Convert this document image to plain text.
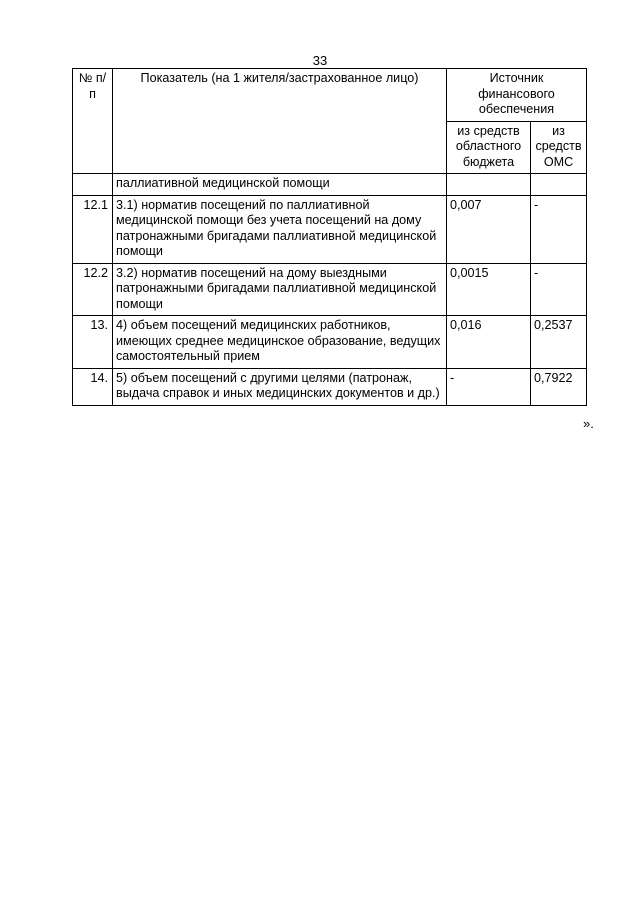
33
№ п/п	Показатель (на 1 жителя/застрахованное лицо)	Источник финансового обеспечения	
		из средств областного бюджета	из средств ОМС
	паллиативной медицинской помощи		
12.1	3.1) норматив посещений по паллиативной медицинской помощи без учета посещений на дому патронажными бригадами паллиативной медицинской помощи	0,007	-
12.2	3.2) норматив посещений на дому выездными патронажными бригадами паллиативной медицинской помощи	0,0015	-
13.	4) объем посещений медицинских работников, имеющих среднее медицинское образование, ведущих самостоятельный прием	0,016	0,2537
14.	5) объем посещений с другими целями (патронаж, выдача справок и иных медицинских документов и др.)	-	0,7922
».
